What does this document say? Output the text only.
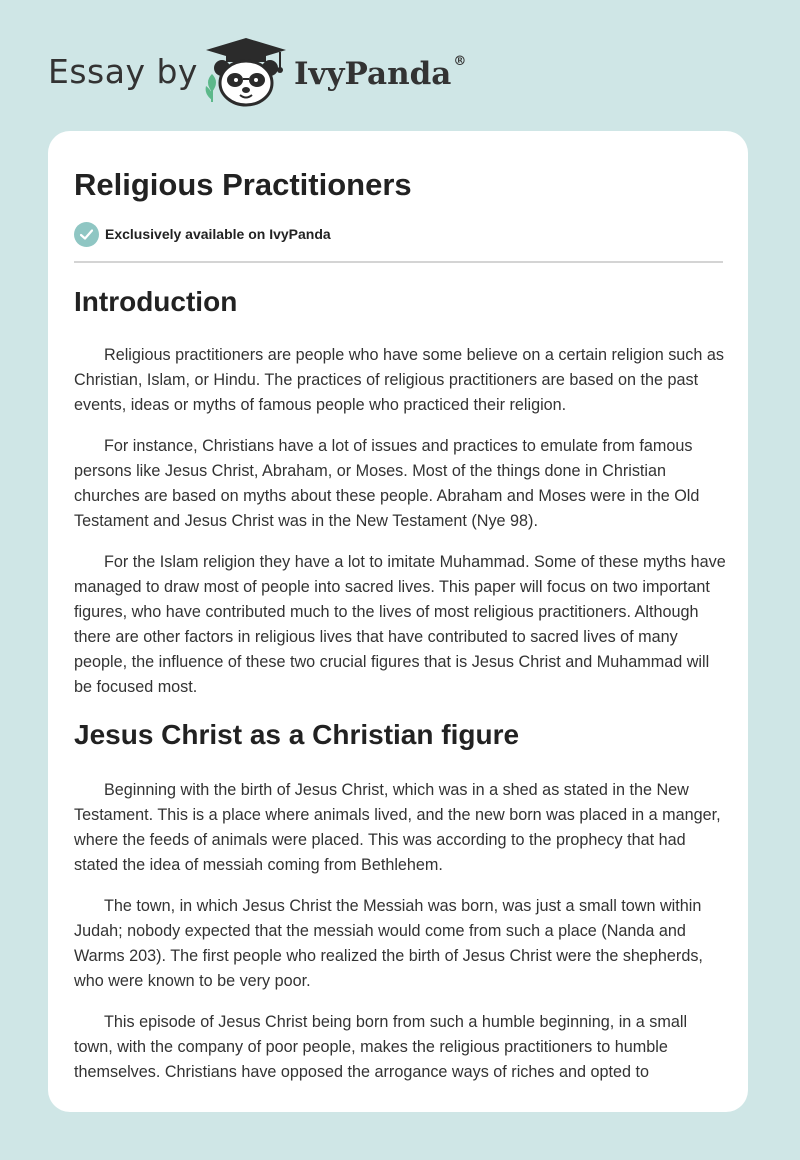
Essay by	IvyPanda ®
Religious Practitioners
Exclusively available on IvyPanda
Introduction

Religious practitioners are people who have some believe on a certain religion such as Christian, Islam, or Hindu. The practices of religious practitioners are based on the past events, ideas or myths of famous people who practiced their religion.

For instance, Christians have a lot of issues and practices to emulate from famous persons like Jesus Christ, Abraham, or Moses. Most of the things done in Christian churches are based on myths about these people. Abraham and Moses were in the Old Testament and Jesus Christ was in the New Testament (Nye 98).

For the Islam religion they have a lot to imitate Muhammad. Some of these myths have managed to draw most of people into sacred lives. This paper will focus on two important figures, who have contributed much to the lives of most religious practitioners. Although there are other factors in religious lives that have contributed to sacred lives of many people, the influence of these two crucial figures that is Jesus Christ and Muhammad will be focused most.

Jesus Christ as a Christian figure

Beginning with the birth of Jesus Christ, which was in a shed as stated in the New Testament. This is a place where animals lived, and the new born was placed in a manger, where the feeds of animals were placed. This was according to the prophecy that had stated the idea of messiah coming from Bethlehem.

The town, in which Jesus Christ the Messiah was born, was just a small town within Judah; nobody expected that the messiah would come from such a place (Nanda and Warms 203). The first people who realized the birth of Jesus Christ were the shepherds, who were known to be very poor.

This episode of Jesus Christ being born from such a humble beginning, in a small town, with the company of poor people, makes the religious practitioners to humble themselves. Christians have opposed the arrogance ways of riches and opted to
